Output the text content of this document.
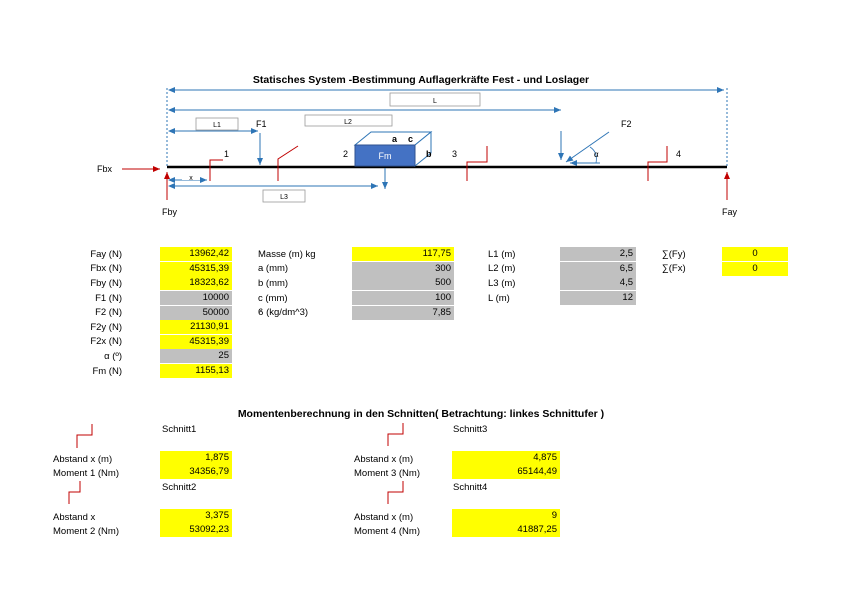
Statisches System -Bestimmung Auflagerkräfte Fest - und Loslager
L
L2
L1	F1	F2
α
Fm
a c
b
1	2	3	4
x
L3
Fbx
Fby	Fay
Fay (N)	13962,42
Fbx (N)	45315,39
Fby (N)	18323,62
F1 (N)	10000
F2 (N)	50000
F2y (N)	21130,91
F2x (N)	45315,39
α (º)	25
Fm (N)	1155,13
Masse (m) kg	117,75
a (mm)	300
b (mm)	500
c (mm)	100
ϐ (kg/dm^3)	7,85
L1 (m)	2,5
L2 (m)	6,5
L3 (m)	4,5
L (m)	12
∑(Fy)	0
∑(Fx)	0
Momentenberechnung in den Schnitten( Betrachtung: linkes Schnittufer )
Schnitt1
Abstand x (m)	1,875
Moment 1 (Nm)	34356,79
Schnitt2
Abstand x	3,375
Moment 2 (Nm)	53092,23
Schnitt3
Abstand x (m)	4,875
Moment 3 (Nm)	65144,49
Schnitt4
Abstand x (m)	9
Moment 4 (Nm)	41887,25
